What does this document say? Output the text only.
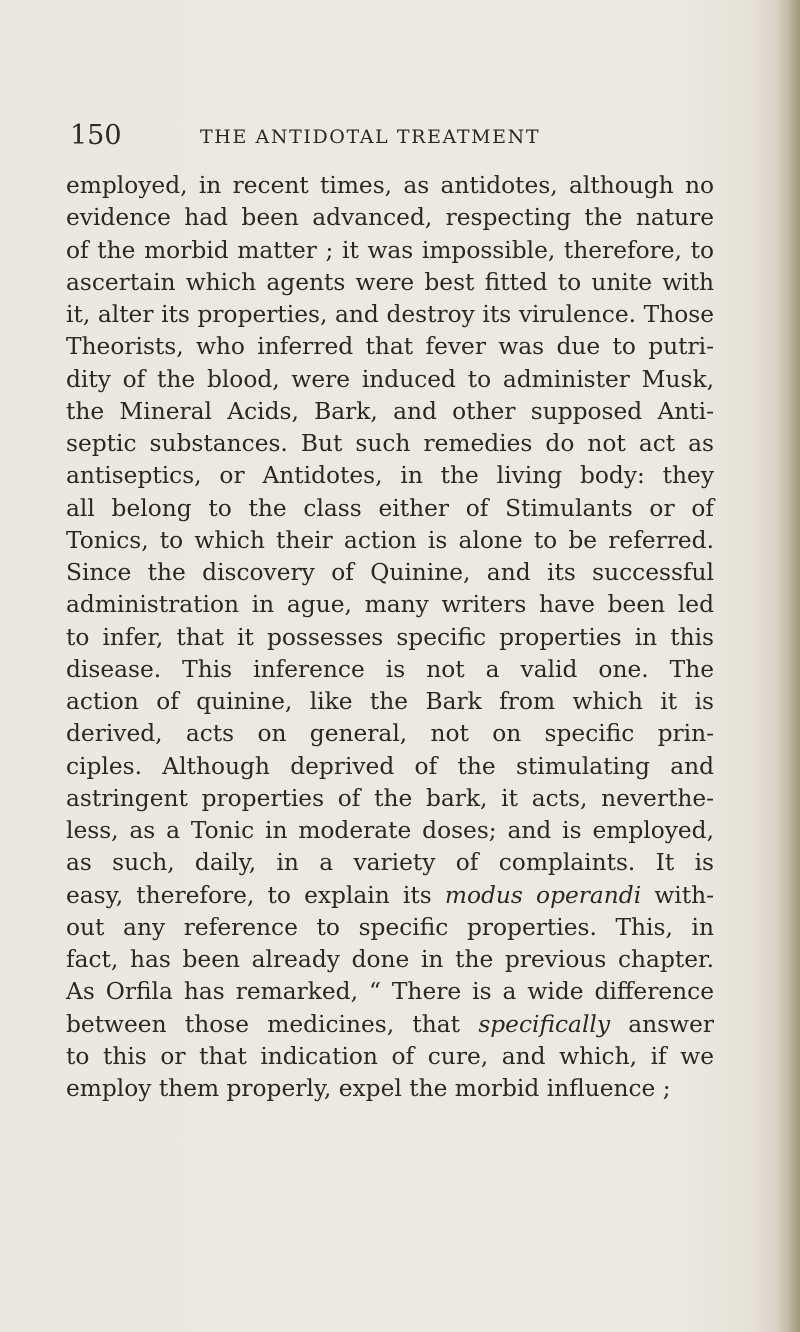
150	THE ANTIDOTAL TREATMENT
employed, in recent times, as antidotes, although no
evidence had been advanced, respecting the nature
of the morbid matter ; it was impossible, therefore, to
ascertain which agents were best fitted to unite with
it, alter its properties, and destroy its virulence. Those
Theorists, who inferred that fever was due to putri-
dity of the blood, were induced to administer Musk,
the Mineral Acids, Bark, and other supposed Anti-
septic substances. But such remedies do not act as
antiseptics, or Antidotes, in the living body: they
all belong to the class either of Stimulants or of
Tonics, to which their action is alone to be referred.
Since the discovery of Quinine, and its successful
administration in ague, many writers have been led
to infer, that it possesses specific properties in this
disease. This inference is not a valid one. The
action of quinine, like the Bark from which it is
derived, acts on general, not on specific prin-
ciples. Although deprived of the stimulating and
astringent properties of the bark, it acts, neverthe-
less, as a Tonic in moderate doses; and is employed,
as such, daily, in a variety of complaints. It is
easy, therefore, to explain its modus operandi with-
out any reference to specific properties. This, in
fact, has been already done in the previous chapter.
As Orfila has remarked, “ There is a wide difference
between those medicines, that specifically answer
to this or that indication of cure, and which, if we
employ them properly, expel the morbid influence ;
